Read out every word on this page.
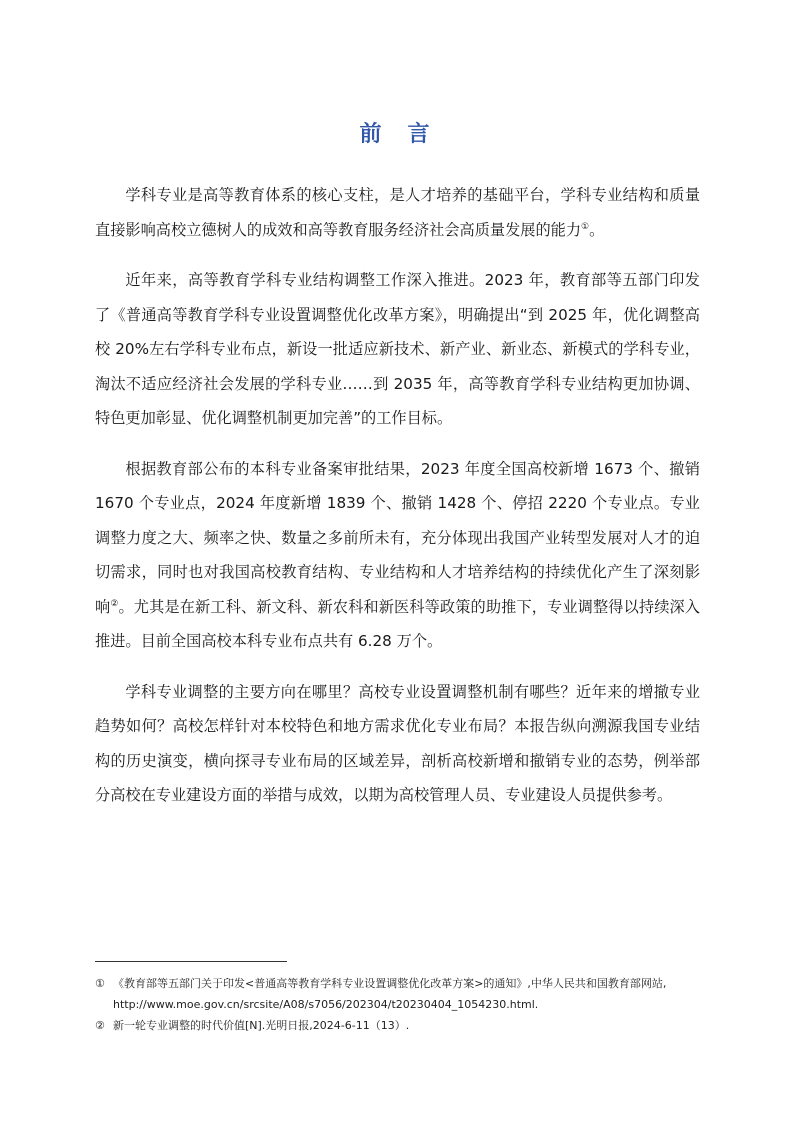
前 言

学科专业是高等教育体系的核心支柱，是人才培养的基础平台，学科专业结构和质量直接影响高校立德树人的成效和高等教育服务经济社会高质量发展的能力①。

近年来，高等教育学科专业结构调整工作深入推进。2023 年，教育部等五部门印发了《普通高等教育学科专业设置调整优化改革方案》，明确提出“到 2025 年，优化调整高校 20%左右学科专业布点，新设一批适应新技术、新产业、新业态、新模式的学科专业，淘汰不适应经济社会发展的学科专业……到 2035 年，高等教育学科专业结构更加协调、特色更加彰显、优化调整机制更加完善”的工作目标。

根据教育部公布的本科专业备案审批结果，2023 年度全国高校新增 1673 个、撤销 1670 个专业点，2024 年度新增 1839 个、撤销 1428 个、停招 2220 个专业点。专业调整力度之大、频率之快、数量之多前所未有，充分体现出我国产业转型发展对人才的迫切需求，同时也对我国高校教育结构、专业结构和人才培养结构的持续优化产生了深刻影响②。尤其是在新工科、新文科、新农科和新医科等政策的助推下，专业调整得以持续深入推进。目前全国高校本科专业布点共有 6.28 万个。

学科专业调整的主要方向在哪里？高校专业设置调整机制有哪些？近年来的增撤专业趋势如何？高校怎样针对本校特色和地方需求优化专业布局？本报告纵向溯源我国专业结构的历史演变，横向探寻专业布局的区域差异，剖析高校新增和撤销专业的态势，例举部分高校在专业建设方面的举措与成效，以期为高校管理人员、专业建设人员提供参考。

① 《教育部等五部门关于印发<普通高等教育学科专业设置调整优化改革方案>的通知》,中华人民共和国教育部网站,
http://www.moe.gov.cn/srcsite/A08/s7056/202304/t20230404_1054230.html.
② 新一轮专业调整的时代价值[N].光明日报,2024-6-11（13）.
